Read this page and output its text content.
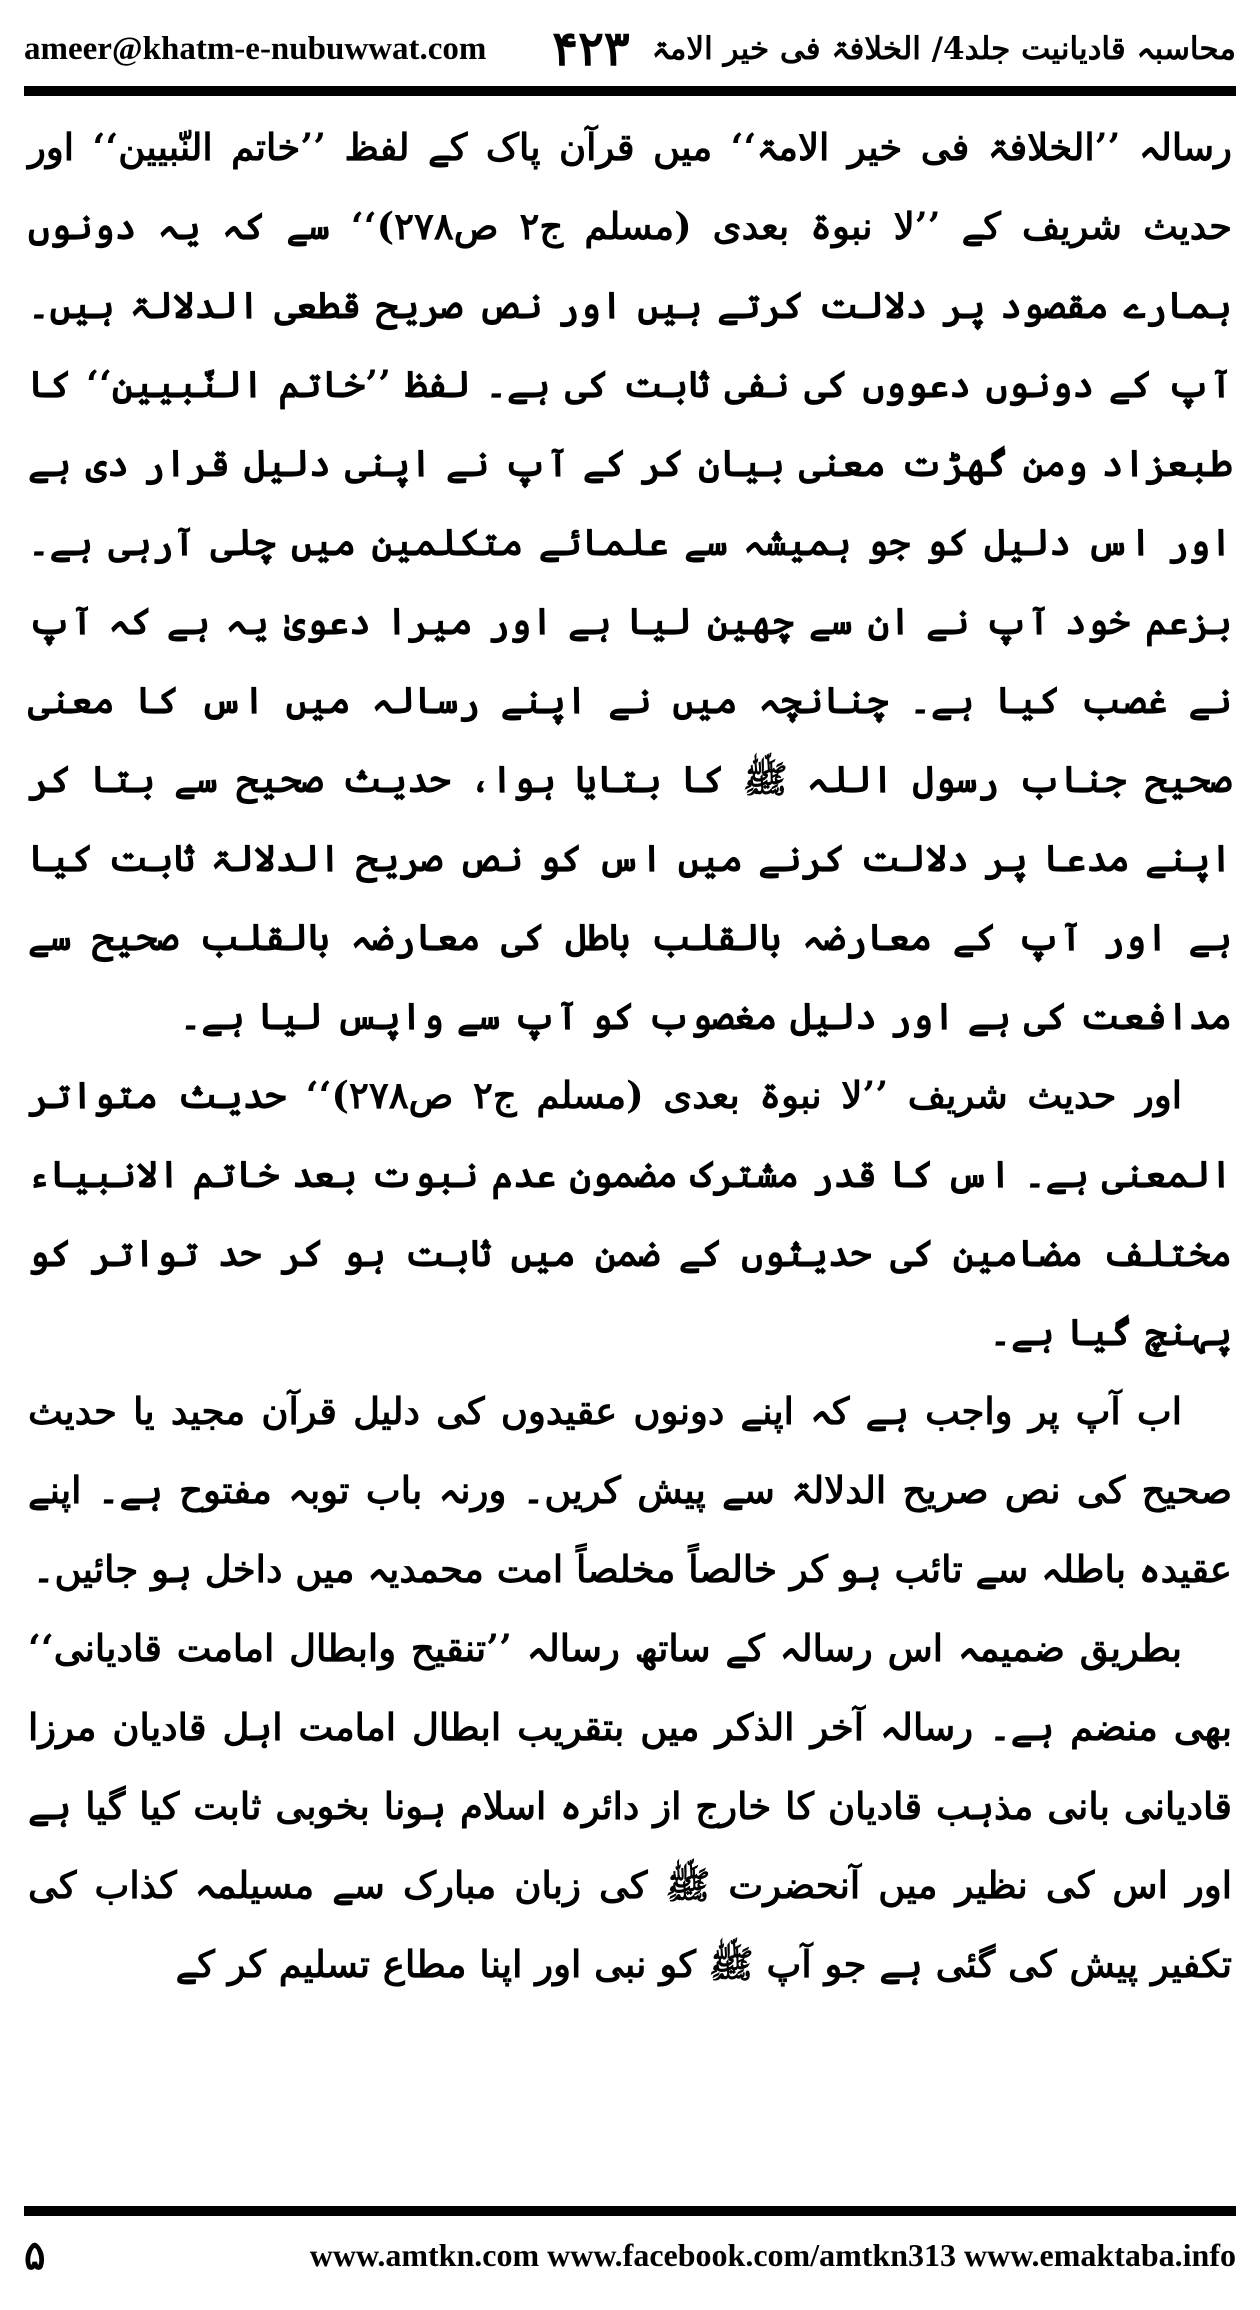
ameer@khatm-e-nubuwwat.com	محاسبہ قادیانیت جلد4/ الخلافۃ فی خیر الامۃ
۴۲۳

رسالہ ’’الخلافۃ فی خیر الامۃ‘‘ میں قرآن پاک کے لفظ ’’خاتم النّبیین‘‘ اور حدیث شریف کے ’’لا نبوۃ بعدی (مسلم ج۲ ص۲۷۸)‘‘ سے کہ یہ دونوں ہمارے مقصود پر دلالت کرتے ہیں اور نص صریح قطعی الدلالۃ ہیں۔ آپ کے دونوں دعووں کی نفی ثابت کی ہے۔ لفظ ’’خاتم النّبیین‘‘ کا طبعزاد ومن گھڑت معنی بیان کر کے آپ نے اپنی دلیل قرار دی ہے اور اس دلیل کو جو ہمیشہ سے علمائے متکلمین میں چلی آرہی ہے۔ بزعم خود آپ نے ان سے چھین لیا ہے اور میرا دعویٰ یہ ہے کہ آپ نے غصب کیا ہے۔ چنانچہ میں نے اپنے رسالہ میں اس کا معنی صحیح جناب رسول اللہ ﷺ کا بتایا ہوا، حدیث صحیح سے بتا کر اپنے مدعا پر دلالت کرنے میں اس کو نص صریح الدلالۃ ثابت کیا ہے اور آپ کے معارضہ بالقلب باطل کی معارضہ بالقلب صحیح سے مدافعت کی ہے اور دلیل مغصوب کو آپ سے واپس لیا ہے۔

اور حدیث شریف ’’لا نبوۃ بعدی (مسلم ج۲ ص۲۷۸)‘‘ حدیث متواتر المعنی ہے۔ اس کا قدر مشترک مضمون عدم نبوت بعد خاتم الانبیاء مختلف مضامین کی حدیثوں کے ضمن میں ثابت ہو کر حد تواتر کو پہنچ گیا ہے۔

اب آپ پر واجب ہے کہ اپنے دونوں عقیدوں کی دلیل قرآن مجید یا حدیث صحیح کی نص صریح الدلالۃ سے پیش کریں۔ ورنہ باب توبہ مفتوح ہے۔ اپنے عقیدہ باطلہ سے تائب ہو کر خالصاً مخلصاً امت محمدیہ میں داخل ہو جائیں۔

بطریق ضمیمہ اس رسالہ کے ساتھ رسالہ ’’تنقیح وابطال امامت قادیانی‘‘ بھی منضم ہے۔ رسالہ آخر الذکر میں بتقریب ابطال امامت اہل قادیان مرزا قادیانی بانی مذہب قادیان کا خارج از دائرہ اسلام ہونا بخوبی ثابت کیا گیا ہے اور اس کی نظیر میں آنحضرت ﷺ کی زبان مبارک سے مسیلمہ کذاب کی تکفیر پیش کی گئی ہے جو آپ ﷺ کو نبی اور اپنا مطاع تسلیم کر کے

۵	www.amtkn.com www.facebook.com/amtkn313 www.emaktaba.info
